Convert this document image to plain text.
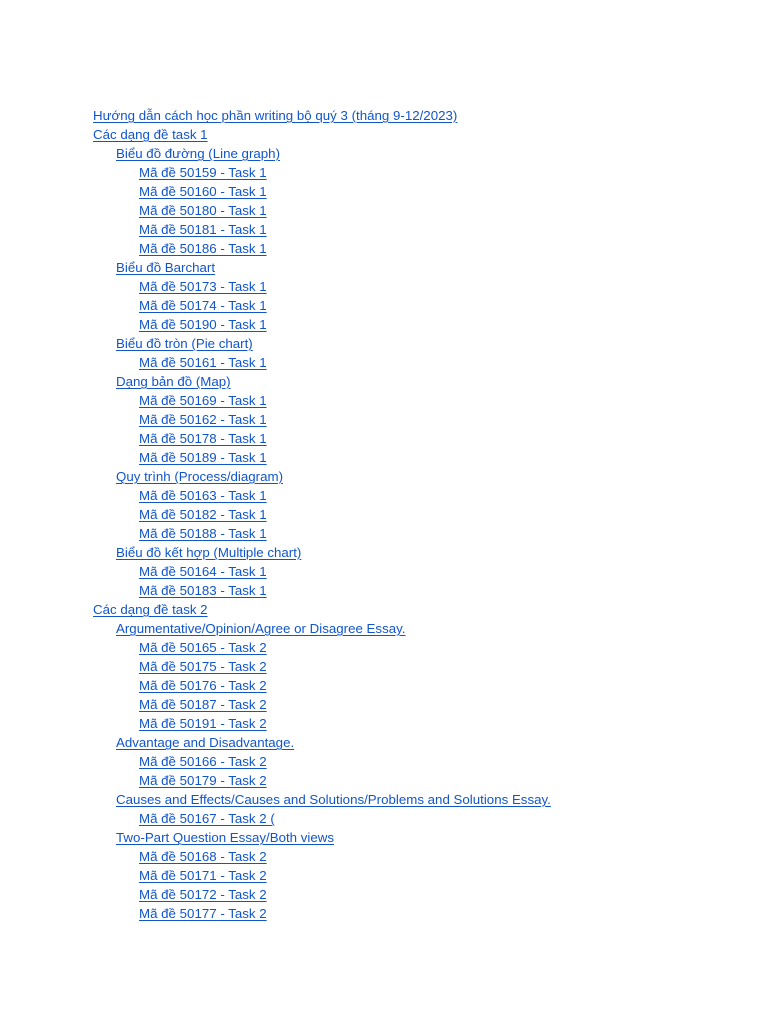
Hướng dẫn cách học phần writing bộ quý 3 (tháng 9-12/2023)
Các dạng đề task 1
Biểu đồ đường (Line graph)
Mã đề 50159 - Task 1
Mã đề 50160 - Task 1
Mã đề 50180 - Task 1
Mã đề 50181 - Task 1
Mã đề 50186 - Task 1
Biểu đồ Barchart
Mã đề 50173 - Task 1
Mã đề 50174 - Task 1
Mã đề 50190 - Task 1
Biểu đồ tròn (Pie chart)
Mã đề 50161 - Task 1
Dạng bản đồ (Map)
Mã đề 50169 - Task 1
Mã đề 50162 - Task 1
Mã đề 50178 - Task 1
Mã đề 50189 - Task 1
Quy trình (Process/diagram)
Mã đề 50163 - Task 1
Mã đề 50182 - Task 1
Mã đề 50188 - Task 1
Biểu đồ kết hợp (Multiple chart)
Mã đề 50164 - Task 1
Mã đề 50183 - Task 1
Các dạng đề task 2
Argumentative/Opinion/Agree or Disagree Essay.
Mã đề 50165 - Task 2
Mã đề 50175 - Task 2
Mã đề 50176 - Task 2
Mã đề 50187 - Task 2
Mã đề 50191 - Task 2
Advantage and Disadvantage.
Mã đề 50166 - Task 2
Mã đề 50179 - Task 2
Causes and Effects/Causes and Solutions/Problems and Solutions Essay.
Mã đề 50167 - Task 2 (
Two-Part Question Essay/Both views
Mã đề 50168 - Task 2
Mã đề 50171 - Task 2
Mã đề 50172 - Task 2
Mã đề 50177 - Task 2
